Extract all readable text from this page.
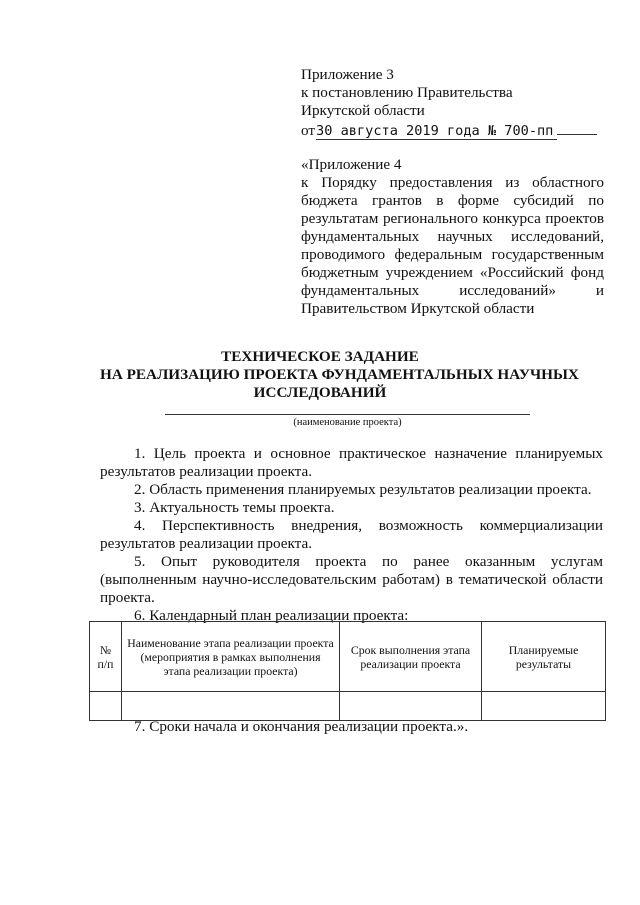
Приложение 3
к постановлению Правительства
Иркутской области
от 30 августа 2019 года № 700-пп
«Приложение 4
к Порядку предоставления из областного
бюджета грантов в форме субсидий по
результатам регионального конкурса проектов
фундаментальных научных исследований,
проводимого федеральным государственным
бюджетным учреждением «Российский фонд
фундаментальных исследований» и
Правительством Иркутской области
ТЕХНИЧЕСКОЕ ЗАДАНИЕ
НА РЕАЛИЗАЦИЮ ПРОЕКТА ФУНДАМЕНТАЛЬНЫХ НАУЧНЫХ
ИССЛЕДОВАНИЙ
(наименование проекта)

1. Цель проекта и основное практическое назначение планируемых результатов реализации проекта.

2. Область применения планируемых результатов реализации проекта.

3. Актуальность темы проекта.

4. Перспективность внедрения, возможность коммерциализации результатов реализации проекта.

5. Опыт руководителя проекта по ранее оказанным услугам (выполненным научно-исследовательским работам) в тематической области проекта.

6. Календарный план реализации проекта:

№ п/п	Наименование этапа реализации проекта (мероприятия в рамках выполнения этапа реализации проекта)	Срок выполнения этапа реализации проекта	Планируемые результаты

7. Сроки начала и окончания реализации проекта.».
